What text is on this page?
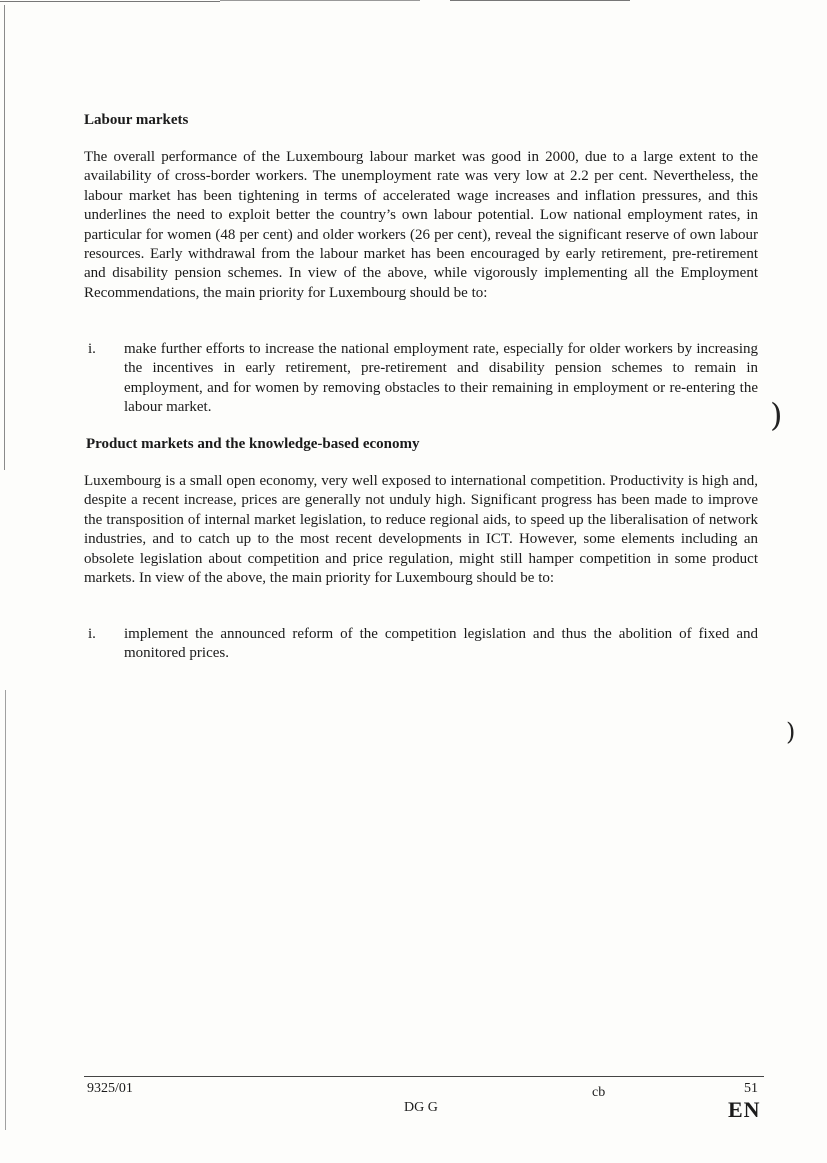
Labour markets

The overall performance of the Luxembourg labour market was good in 2000, due to a large extent to the availability of cross-border workers. The unemployment rate was very low at 2.2 per cent. Nevertheless, the labour market has been tightening in terms of accelerated wage increases and inflation pressures, and this underlines the need to exploit better the country’s own labour potential. Low national employment rates, in particular for women (48 per cent) and older workers (26 per cent), reveal the significant reserve of own labour resources. Early withdrawal from the labour market has been encouraged by early retirement, pre-retirement and disability pension schemes. In view of the above, while vigorously implementing all the Employment Recommendations, the main priority for Luxembourg should be to:

i. make further efforts to increase the national employment rate, especially for older workers by increasing the incentives in early retirement, pre-retirement and disability pension schemes to remain in employment, and for women by removing obstacles to their remaining in employment or re-entering the labour market.
Product markets and the knowledge-based economy

Luxembourg is a small open economy, very well exposed to international competition. Productivity is high and, despite a recent increase, prices are generally not unduly high. Significant progress has been made to improve the transposition of internal market legislation, to reduce regional aids, to speed up the liberalisation of network industries, and to catch up to the most recent developments in ICT. However, some elements including an obsolete legislation about competition and price regulation, might still hamper competition in some product markets. In view of the above, the main priority for Luxembourg should be to:

i. implement the announced reform of the competition legislation and thus the abolition of fixed and monitored prices.
)
)
9325/01	cb	51
DG G	EN
